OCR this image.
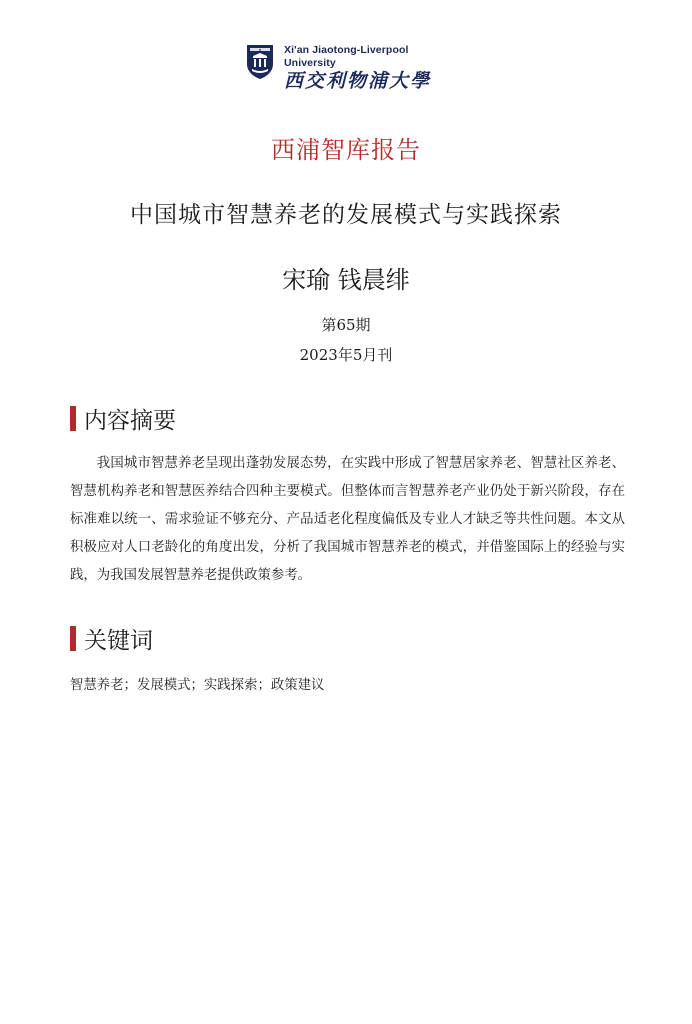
Xi'an Jiaotong-Liverpool University
西交利物浦大學
西浦智库报告
中国城市智慧养老的发展模式与实践探索
宋瑜 钱晨绯
第65期
2023年5月刊
内容摘要

我国城市智慧养老呈现出蓬勃发展态势，在实践中形成了智慧居家养老、智慧社区养老、智慧机构养老和智慧医养结合四种主要模式。但整体而言智慧养老产业仍处于新兴阶段，存在标准难以统一、需求验证不够充分、产品适老化程度偏低及专业人才缺乏等共性问题。本文从积极应对人口老龄化的角度出发，分析了我国城市智慧养老的模式，并借鉴国际上的经验与实践，为我国发展智慧养老提供政策参考。

关键词

智慧养老；发展模式；实践探索；政策建议
